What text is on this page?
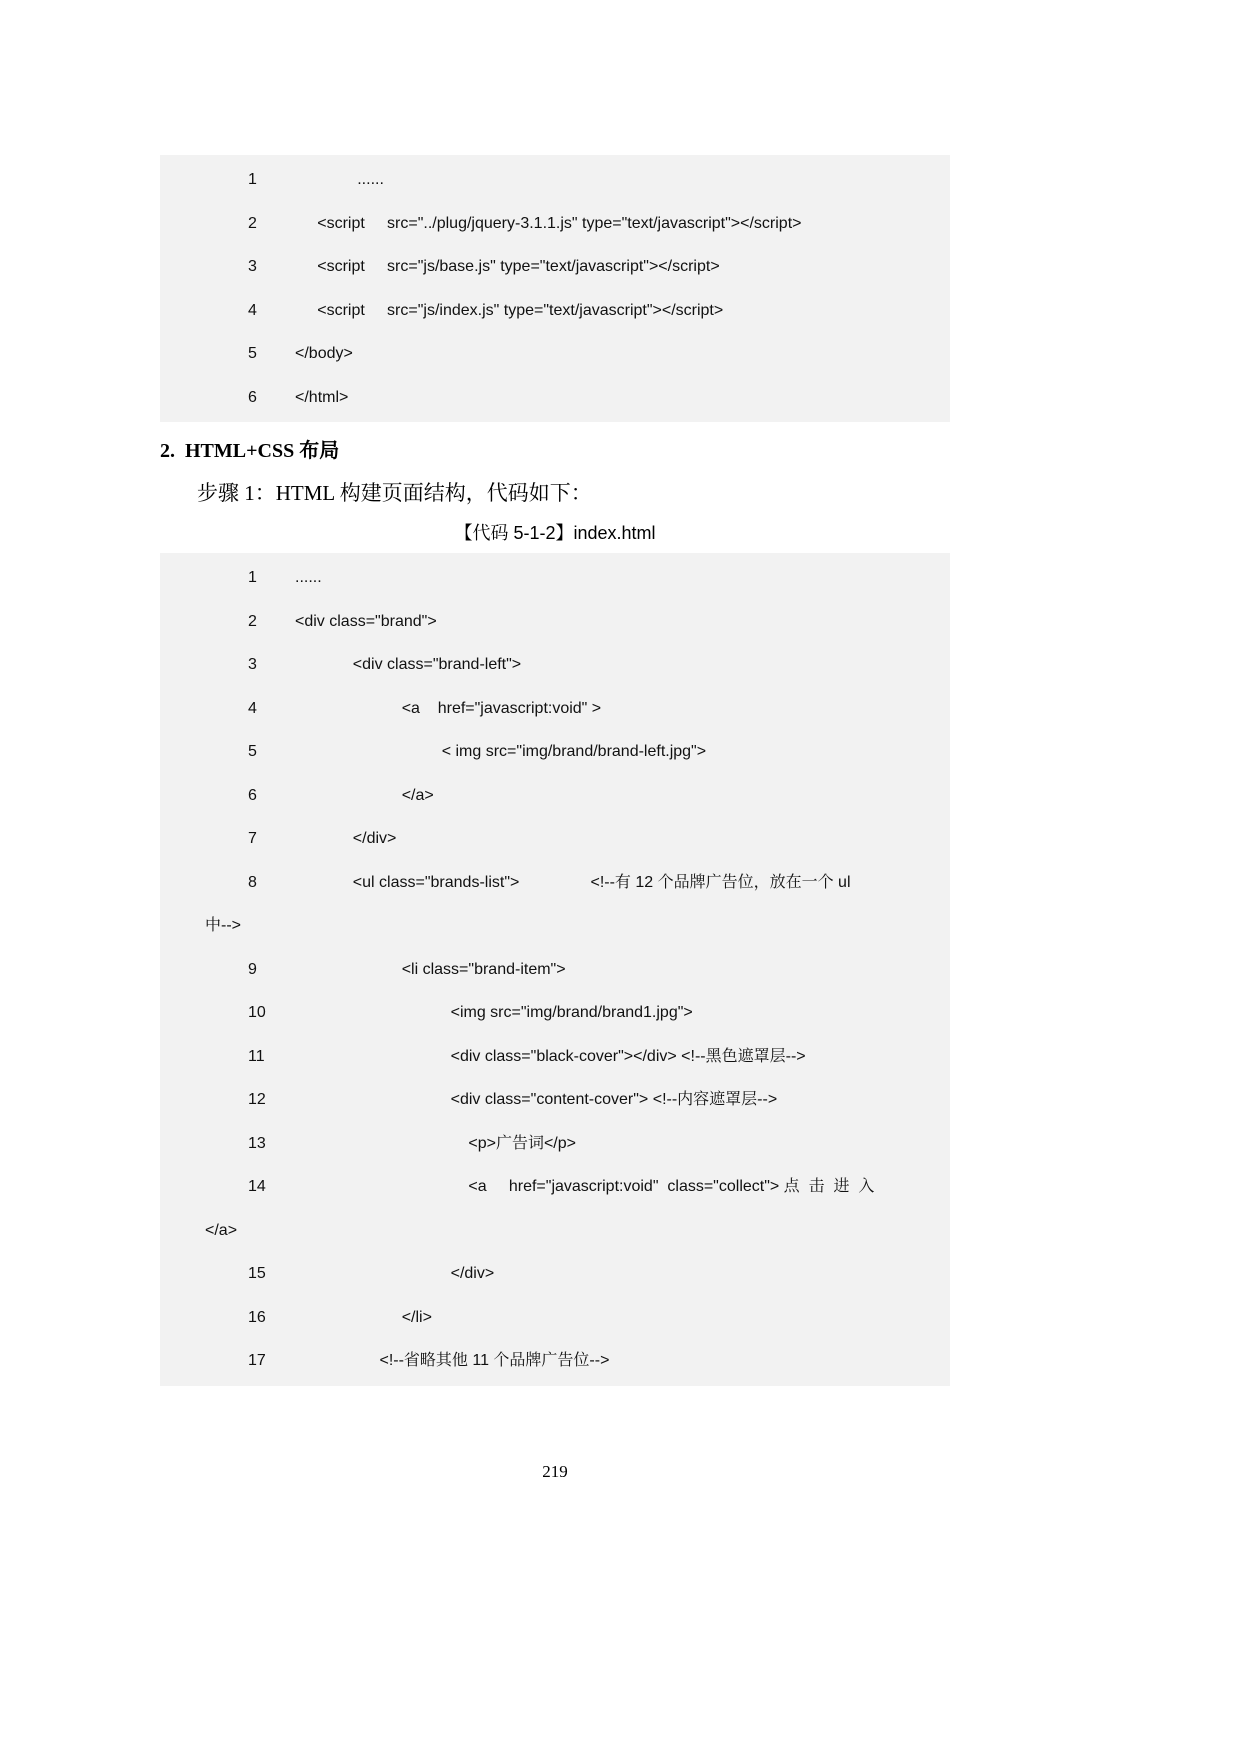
1	......
2	<script     src="../plug/jquery-3.1.1.js" type="text/javascript"></script>
3	<script     src="js/base.js" type="text/javascript"></script>
4	<script     src="js/index.js" type="text/javascript"></script>
5	</body>
6	</html>
2.  HTML+CSS 布局
步骤 1：HTML 构建页面结构，代码如下：
【代码 5-1-2】index.html
1	......
2	<div class="brand">
3	<div class="brand-left">
4	<a    href="javascript:void" >
5	< img src="img/brand/brand-left.jpg">
6	</a>
7	</div>
8	<ul class="brands-list">                <!--有 12 个品牌广告位，放在一个 ul
中-->
9	<li class="brand-item">
10	<img src="img/brand/brand1.jpg">
11	<div class="black-cover"></div> <!--黑色遮罩层-->
12	<div class="content-cover"> <!--内容遮罩层-->
13	<p>广告词</p>
14	<a     href="javascript:void"  class="collect"> 点  击  进  入
</a>
15	</div>
16	</li>
17	<!--省略其他 11 个品牌广告位-->
219
